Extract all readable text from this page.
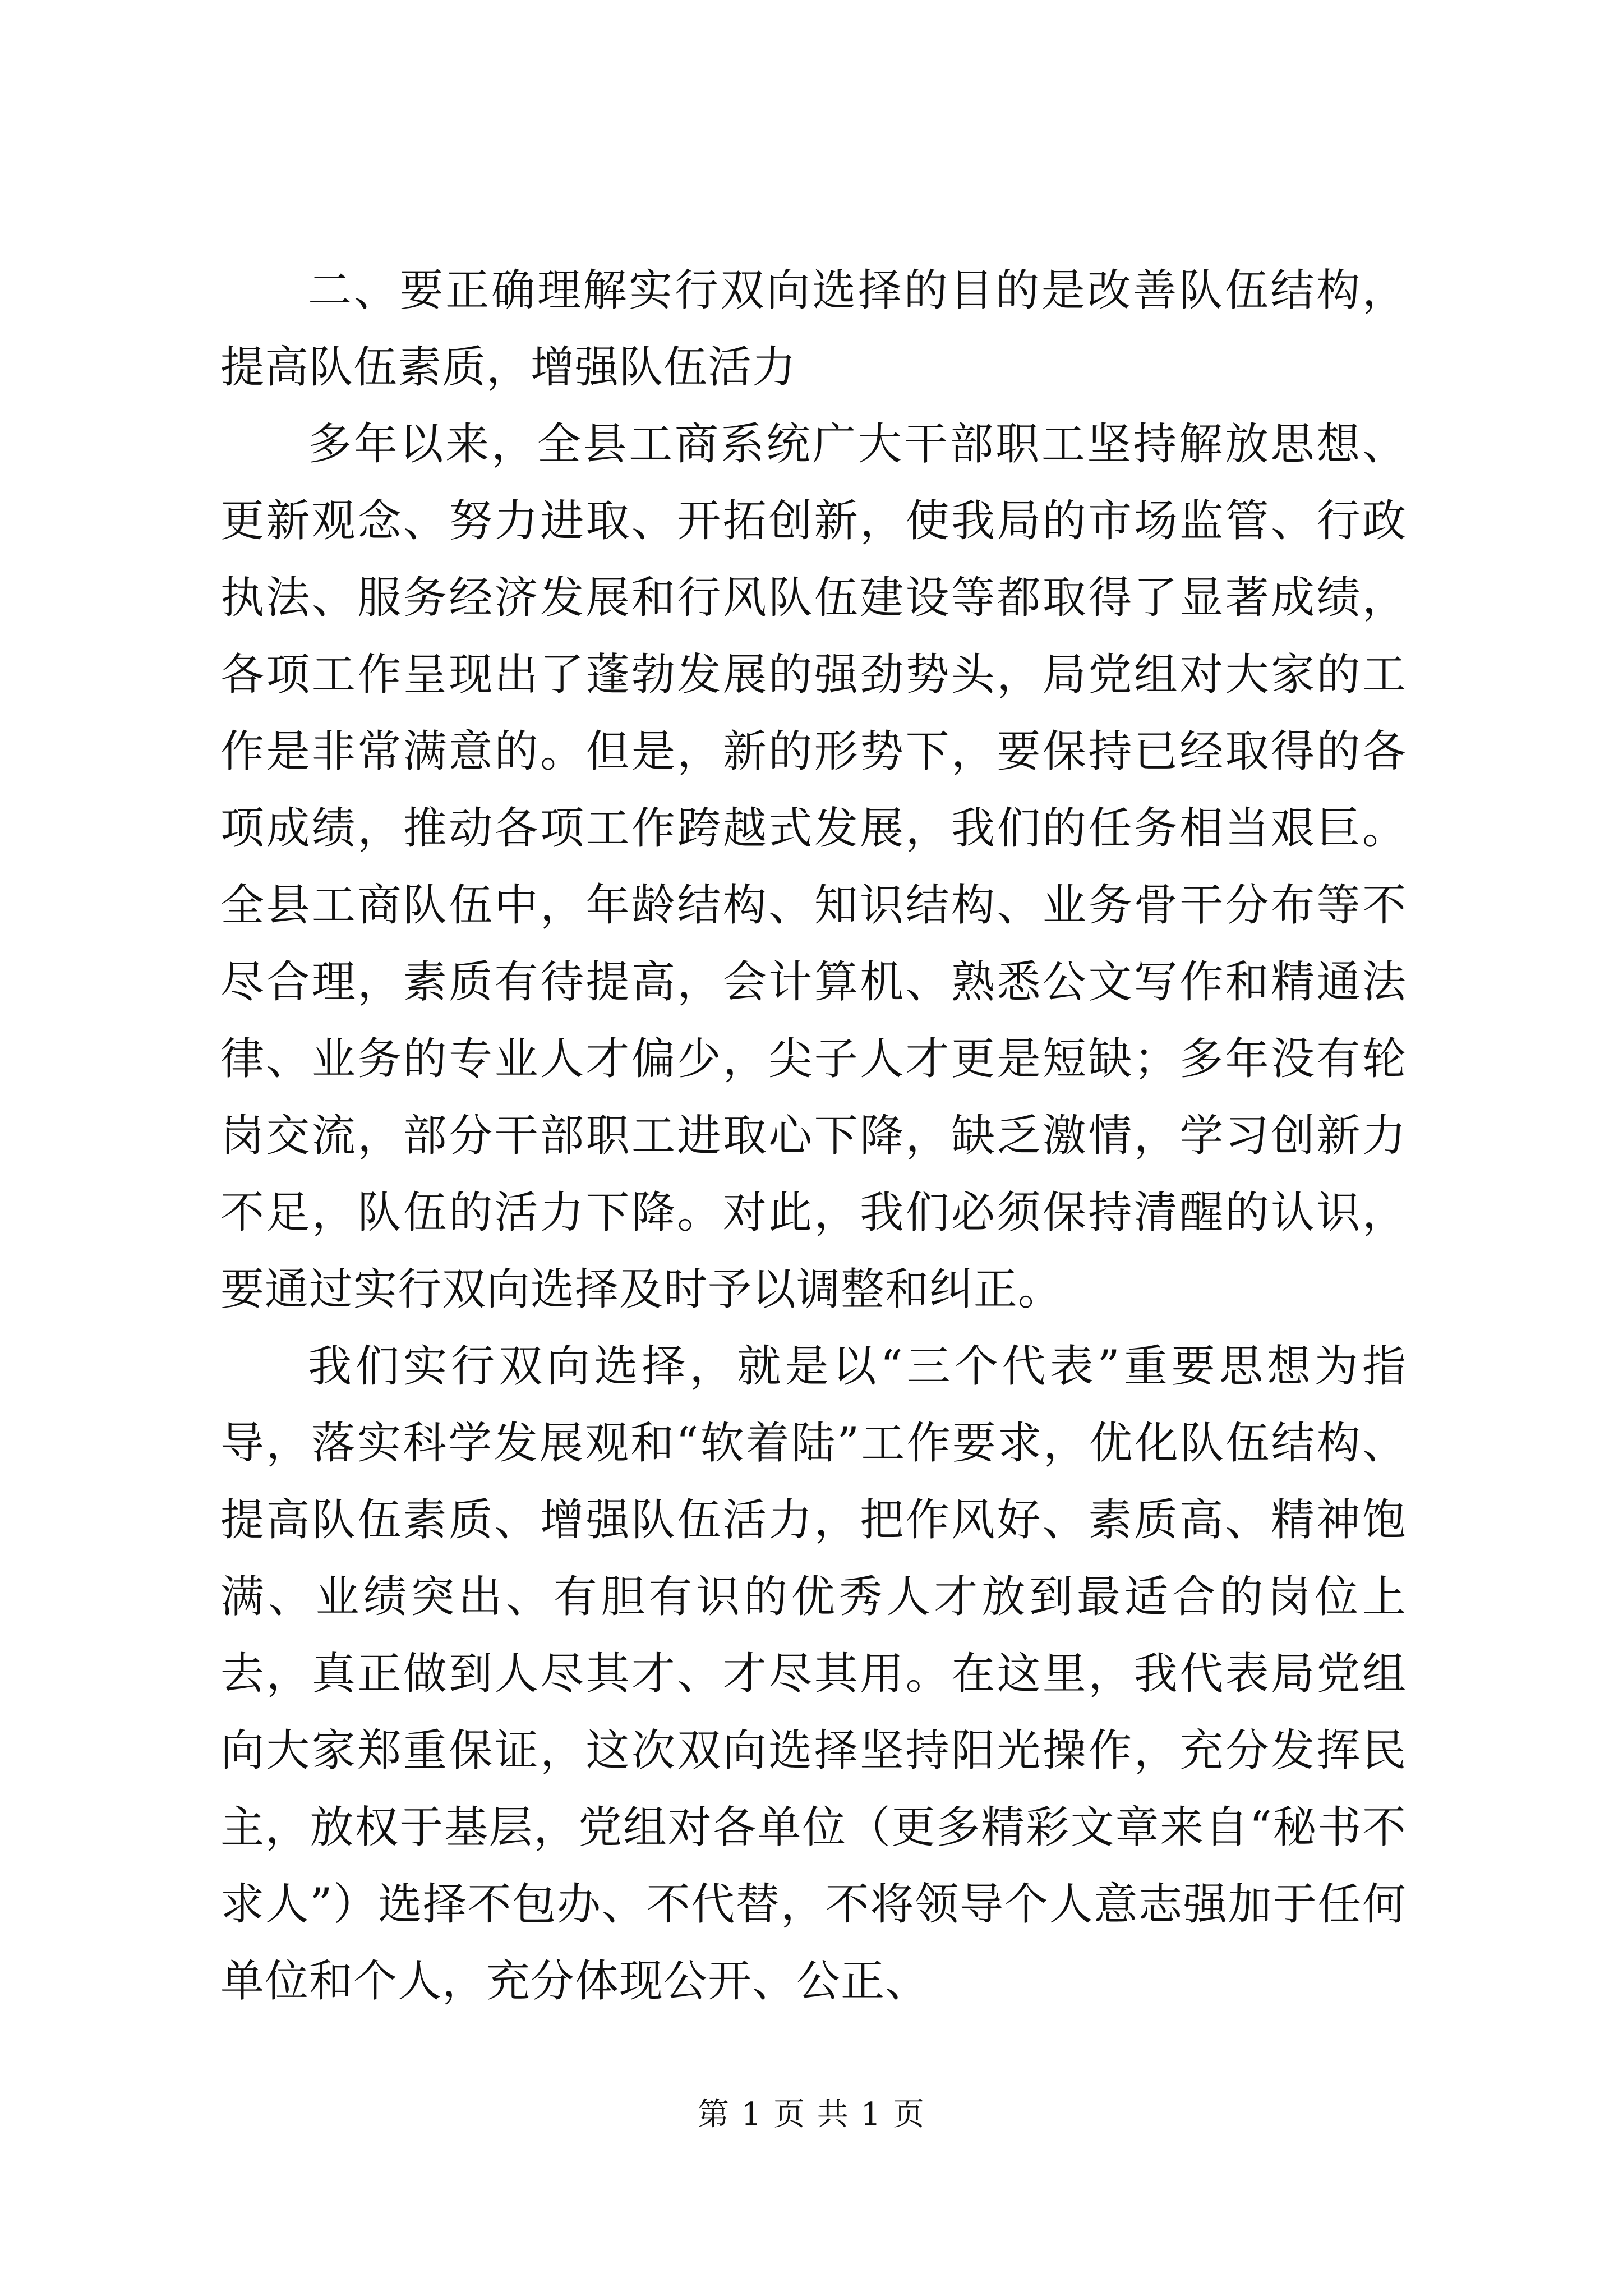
二、要正确理解实行双向选择的目的是改善队伍结构，提高队伍素质，增强队伍活力

多年以来，全县工商系统广大干部职工坚持解放思想、更新观念、努力进取、开拓创新，使我局的市场监管、行政执法、服务经济发展和行风队伍建设等都取得了显著成绩，各项工作呈现出了蓬勃发展的强劲势头，局党组对大家的工作是非常满意的。但是，新的形势下，要保持已经取得的各项成绩，推动各项工作跨越式发展，我们的任务相当艰巨。全县工商队伍中，年龄结构、知识结构、业务骨干分布等不尽合理，素质有待提高，会计算机、熟悉公文写作和精通法律、业务的专业人才偏少，尖子人才更是短缺；多年没有轮岗交流，部分干部职工进取心下降，缺乏激情，学习创新力不足，队伍的活力下降。对此，我们必须保持清醒的认识，要通过实行双向选择及时予以调整和纠正。

我们实行双向选择，就是以“三个代表”重要思想为指导，落实科学发展观和“软着陆”工作要求，优化队伍结构、提高队伍素质、增强队伍活力，把作风好、素质高、精神饱满、业绩突出、有胆有识的优秀人才放到最适合的岗位上去，真正做到人尽其才、才尽其用。在这里，我代表局党组向大家郑重保证，这次双向选择坚持阳光操作，充分发挥民主，放权于基层，党组对各单位（更多精彩文章来自“秘书不求人”）选择不包办、不代替，不将领导个人意志强加于任何单位和个人，充分体现公开、公正、

第 1 页 共 1 页
